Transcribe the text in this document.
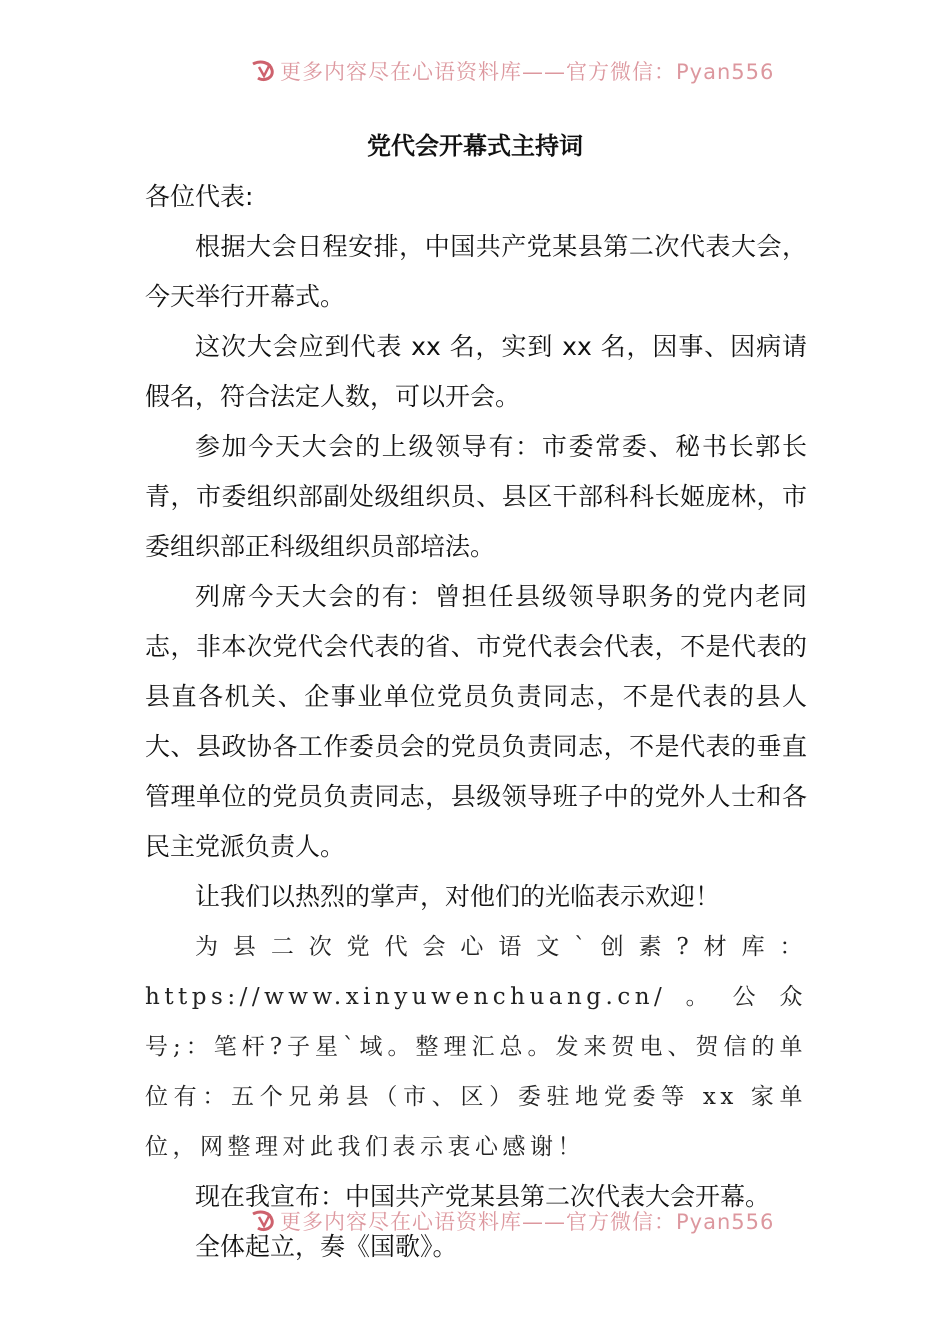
更多内容尽在心语资料库——官方微信：Pyan556
党代会开幕式主持词

各位代表:

根据大会日程安排，中国共产党某县第二次代表大会，今天举行开幕式。

这次大会应到代表 xx 名，实到 xx 名，因事、因病请假名，符合法定人数，可以开会。

参加今天大会的上级领导有：市委常委、秘书长郭长青，市委组织部副处级组织员、县区干部科科长姬庞林，市委组织部正科级组织员部培法。

列席今天大会的有：曾担任县级领导职务的党内老同志，非本次党代会代表的省、市党代表会代表，不是代表的县直各机关、企事业单位党员负责同志，不是代表的县人大、县政协各工作委员会的党员负责同志，不是代表的垂直管理单位的党员负责同志，县级领导班子中的党外人士和各民主党派负责人。

让我们以热烈的掌声，对他们的光临表示欢迎！

为县二次党代会心语文`创素?材库：https://www.xinyuwenchuang.cn/。公众号;：笔杆?子星`域。整理汇总。发来贺电、贺信的单位有：五个兄弟县（市、区）委驻地党委等 xx 家单位，网整理对此我们表示衷心感谢！

现在我宣布：中国共产党某县第二次代表大会开幕。

全体起立，奏《国歌》。

更多内容尽在心语资料库——官方微信：Pyan556
